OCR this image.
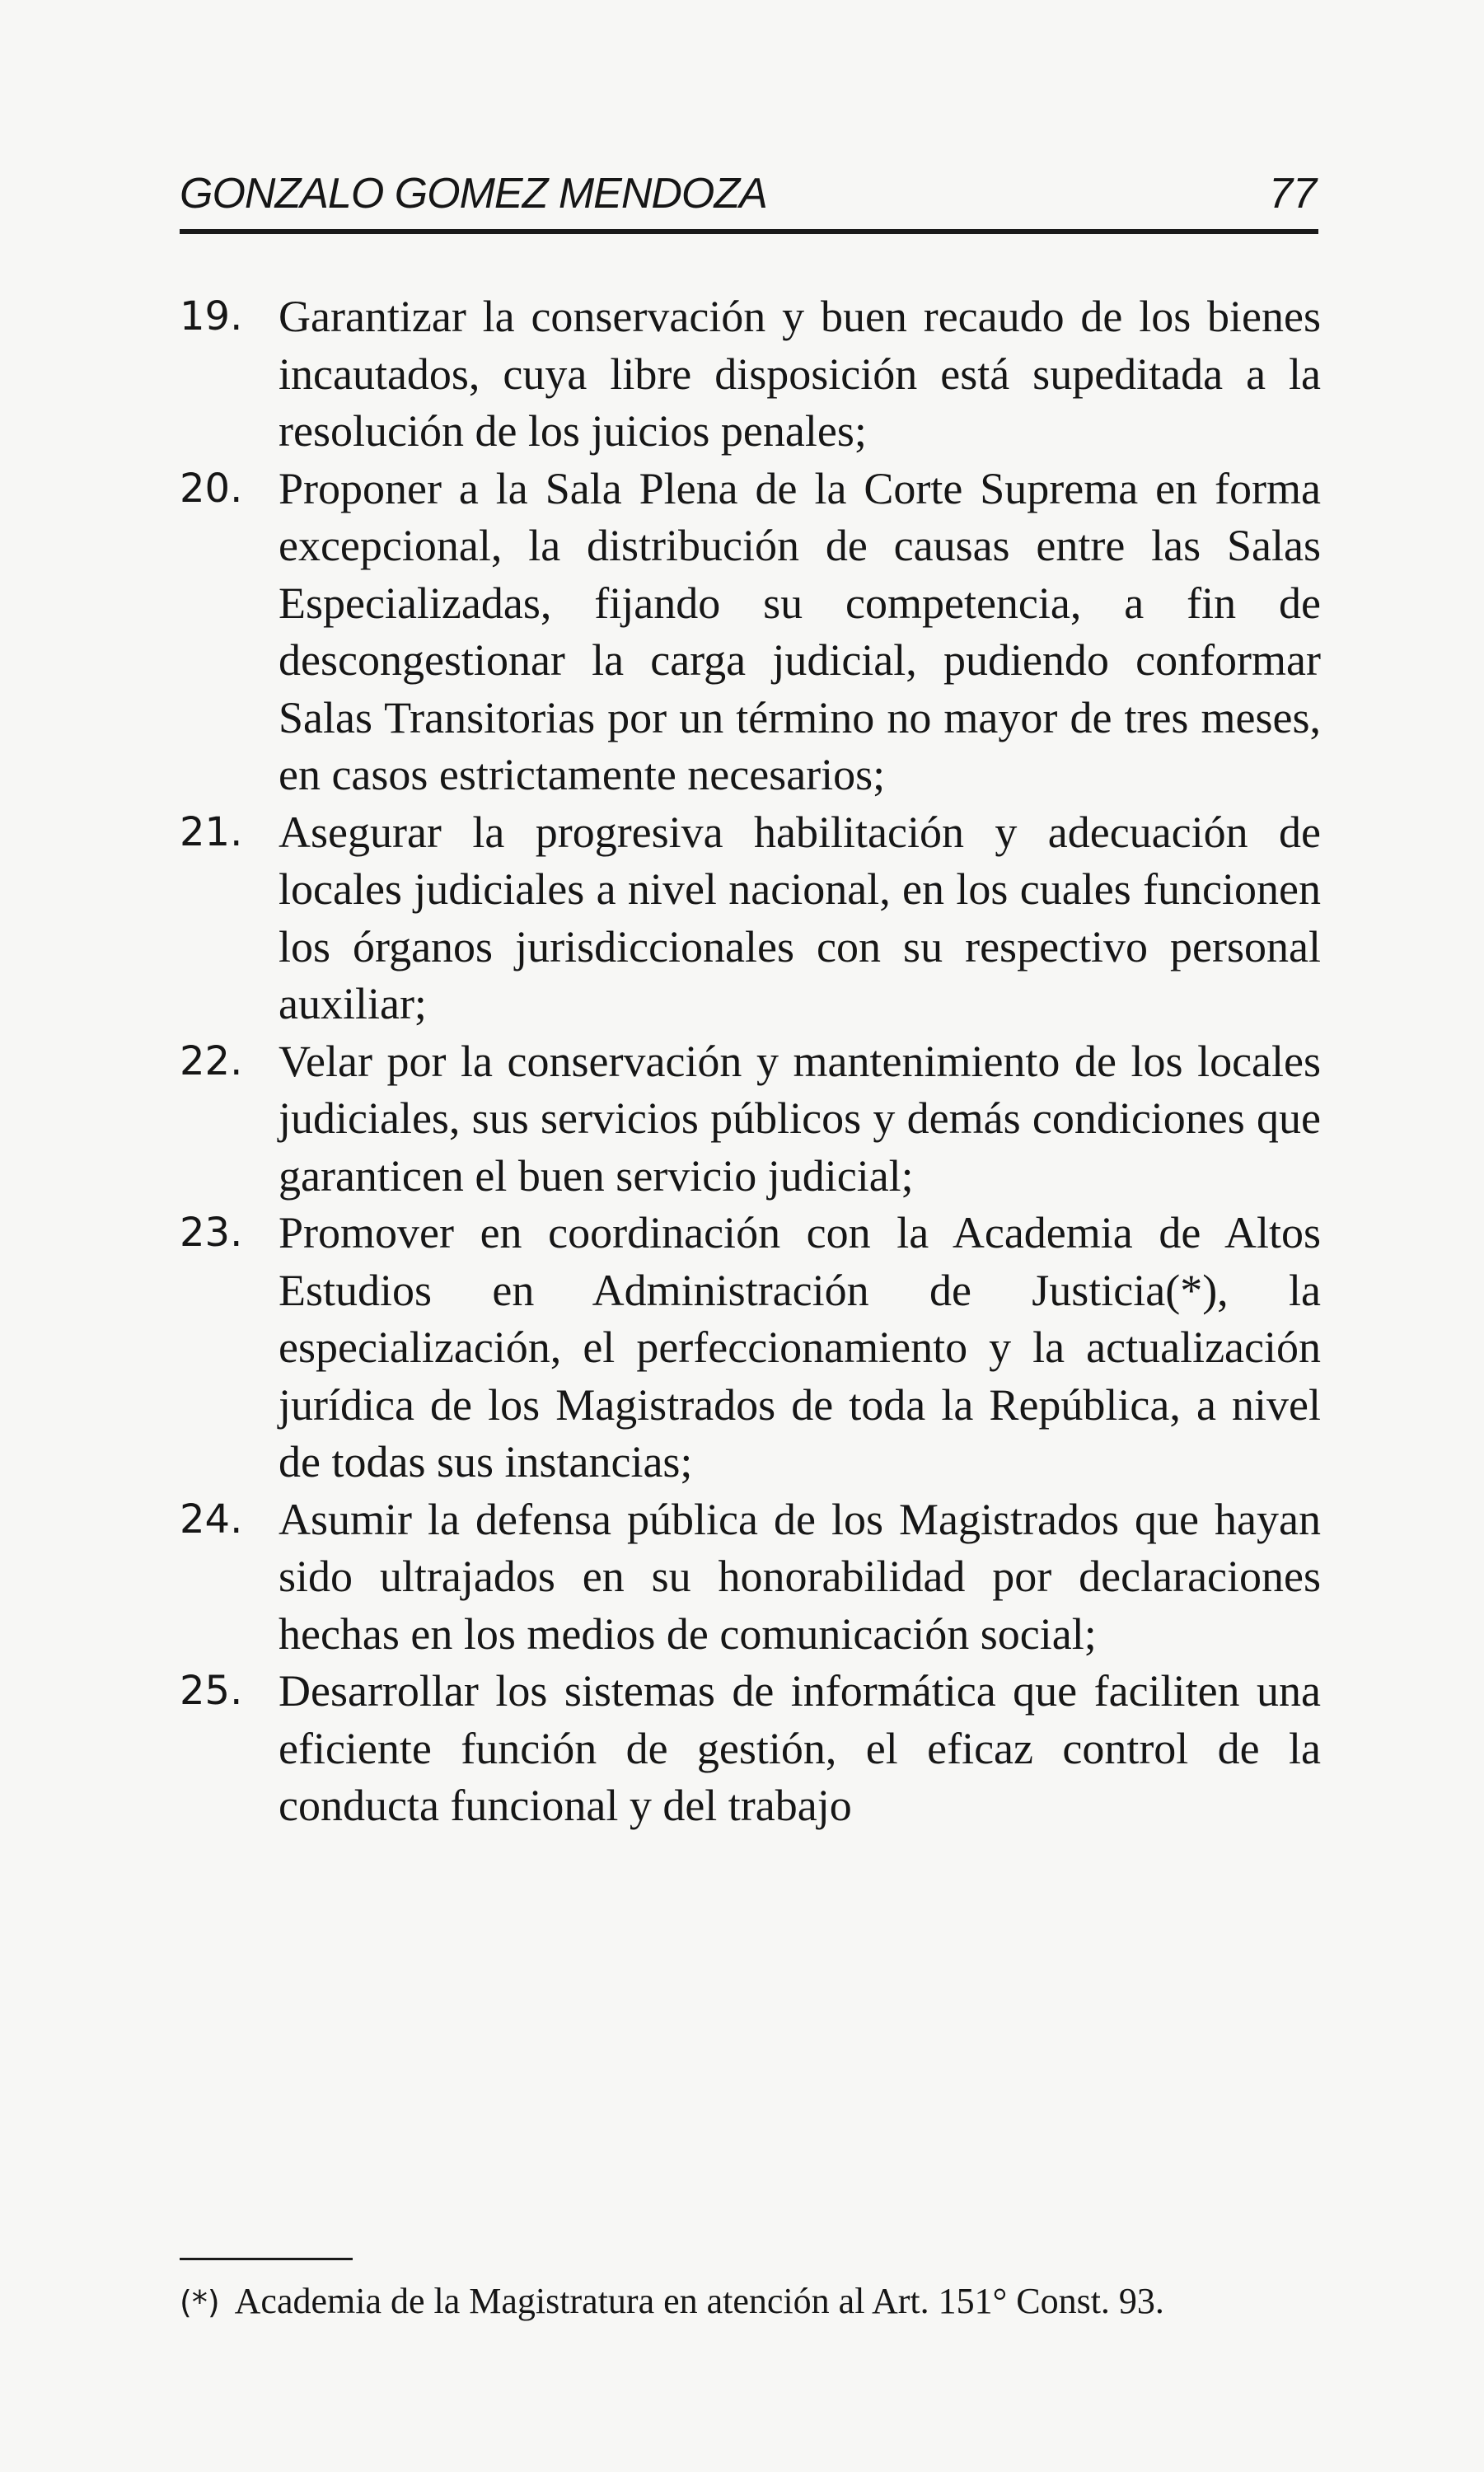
GONZALO GOMEZ MENDOZA	77
19. Garantizar la conservación y buen recaudo de los bienes incautados, cuya libre disposición está supeditada a la resolución de los juicios penales;
20. Proponer a la Sala Plena de la Corte Suprema en forma excepcional, la distribución de causas entre las Salas Especializadas, fijando su competencia, a fin de descongestionar la carga judicial, pudiendo conformar Salas Transitorias por un término no mayor de tres meses, en casos estrictamente necesarios;
21. Asegurar la progresiva habilitación y adecuación de locales judiciales a nivel nacional, en los cuales funcionen los órganos jurisdiccionales con su respectivo personal auxiliar;
22. Velar por la conservación y mantenimiento de los locales judiciales, sus servicios públicos y demás condiciones que garanticen el buen servicio judicial;
23. Promover en coordinación con la Academia de Altos Estudios en Administración de Justicia(*), la especialización, el perfeccionamiento y la actualización jurídica de los Magistrados de toda la República, a nivel de todas sus instancias;
24. Asumir la defensa pública de los Magistrados que hayan sido ultrajados en su honorabilidad por declaraciones hechas en los medios de comunicación social;
25. Desarrollar los sistemas de informática que faciliten una eficiente función de gestión, el eficaz control de la conducta funcional y del trabajo
(*) Academia de la Magistratura en atención al Art. 151° Const. 93.
